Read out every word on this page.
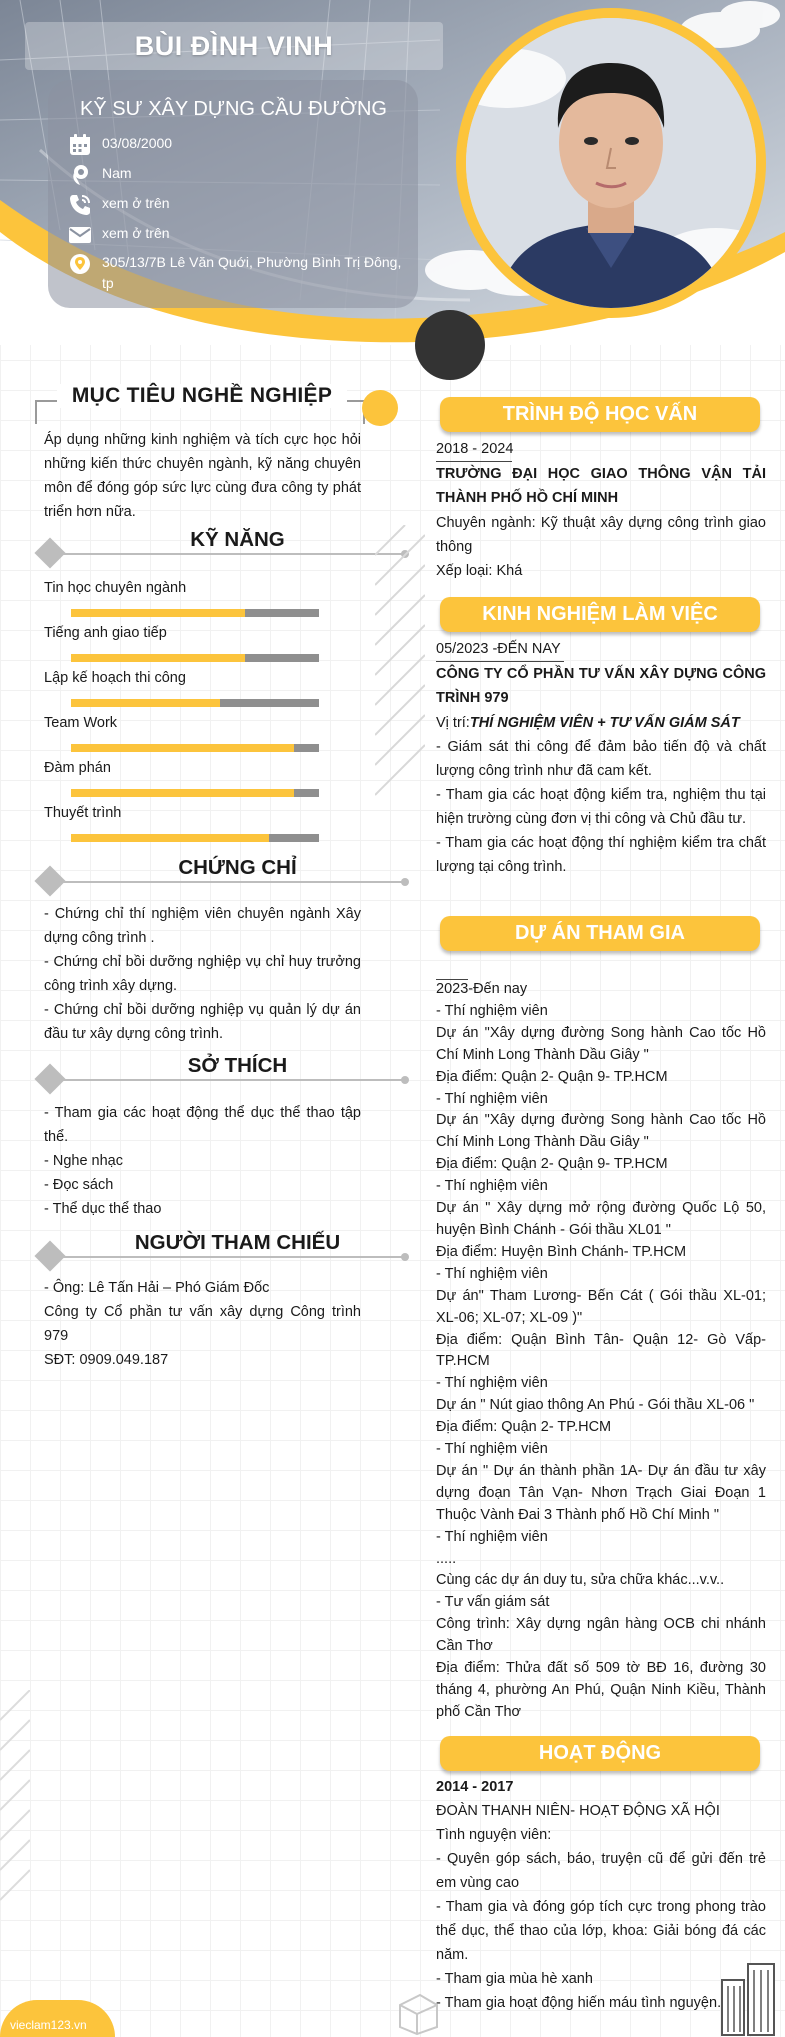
BÙI ĐÌNH VINH
KỸ SƯ XÂY DỰNG CẦU ĐƯỜNG
03/08/2000
Nam
xem ở trên
xem ở trên
305/13/7B Lê Văn Quới, Phường Bình Trị Đông, tp
MỤC TIÊU NGHỀ NGHIỆP
Áp dụng những kinh nghiệm và tích cực học hỏi những kiến thức chuyên ngành, kỹ năng chuyên môn để đóng góp sức lực cùng đưa công ty phát triển hơn nữa.
KỸ NĂNG
Tin học chuyên ngành
Tiếng anh giao tiếp
Lập kế hoạch thi công
Team Work
Đàm phán
Thuyết trình
CHỨNG CHỈ
- Chứng chỉ thí nghiệm viên chuyên ngành Xây dựng công trình .
- Chứng chỉ bồi dưỡng nghiệp vụ chỉ huy trưởng công trình xây dựng.
- Chứng chỉ bồi dưỡng nghiệp vụ quản lý dự án đầu tư xây dựng công trình.
SỞ THÍCH
- Tham gia các hoạt động thể dục thể thao tập thể.
- Nghe nhạc
- Đọc sách
- Thể dục thể thao
NGƯỜI THAM CHIẾU
- Ông: Lê Tấn Hải – Phó Giám Đốc
Công ty Cổ phần tư vấn xây dựng Công trình 979
SĐT: 0909.049.187
TRÌNH ĐỘ HỌC VẤN
2018 - 2024
TRƯỜNG ĐẠI HỌC GIAO THÔNG VẬN TẢI THÀNH PHỐ HỒ CHÍ MINH
Chuyên ngành: Kỹ thuật xây dựng công trình giao thông
Xếp loại: Khá
KINH NGHIỆM LÀM VIỆC
05/2023 -ĐẾN NAY
CÔNG TY CỔ PHẦN TƯ VẤN XÂY DỰNG CÔNG TRÌNH 979
Vị trí:THÍ NGHIỆM VIÊN + TƯ VẤN GIÁM SÁT
- Giám sát thi công để đảm bảo tiến độ và chất lượng công trình như đã cam kết.
- Tham gia các hoạt động kiểm tra, nghiệm thu tại hiện trường cùng đơn vị thi công và Chủ đầu tư.
- Tham gia các hoạt động thí nghiệm kiểm tra chất lượng tại công trình.
DỰ ÁN THAM GIA
2023-Đến nay
- Thí nghiệm viên
Dự án "Xây dựng đường Song hành Cao tốc Hồ Chí Minh Long Thành Dầu Giây "
Địa điểm: Quận 2- Quận 9- TP.HCM
- Thí nghiệm viên
Dự án "Xây dựng đường Song hành Cao tốc Hồ Chí Minh Long Thành Dầu Giây "
Địa điểm: Quận 2- Quận 9- TP.HCM
- Thí nghiệm viên
Dự án " Xây dựng mở rộng đường Quốc Lộ 50, huyện Bình Chánh - Gói thầu XL01 "
Địa điểm: Huyện Bình Chánh- TP.HCM
- Thí nghiệm viên
Dự án" Tham Lương- Bến Cát ( Gói thầu XL-01; XL-06; XL-07; XL-09 )"
Địa điểm: Quận Bình Tân- Quận 12- Gò Vấp- TP.HCM
- Thí nghiệm viên
Dự án " Nút giao thông An Phú - Gói thầu XL-06 "
Địa điểm: Quận 2- TP.HCM
- Thí nghiệm viên
Dự án " Dự án thành phần 1A- Dự án đầu tư xây dựng đoạn Tân Vạn- Nhơn Trạch Giai Đoạn 1 Thuộc Vành Đai 3 Thành phố Hồ Chí Minh "
- Thí nghiệm viên
.....
Cùng các dự án duy tu, sửa chữa khác...v.v..
- Tư vấn giám sát
Công trình: Xây dựng ngân hàng OCB chi nhánh Cần Thơ
Địa điểm: Thửa đất số 509 tờ BĐ 16, đường 30 tháng 4, phường An Phú, Quận Ninh Kiều, Thành phố Cần Thơ
HOẠT ĐỘNG
2014 - 2017
ĐOÀN THANH NIÊN- HOẠT ĐỘNG XÃ HỘI
Tình nguyện viên:
- Quyên góp sách, báo, truyện cũ để gửi đến trẻ em vùng cao
- Tham gia và đóng góp tích cực trong phong trào thể dục, thể thao của lớp, khoa: Giải bóng đá các năm.
- Tham gia mùa hè xanh
- Tham gia hoạt động hiến máu tình nguyện.
vieclam123.vn
